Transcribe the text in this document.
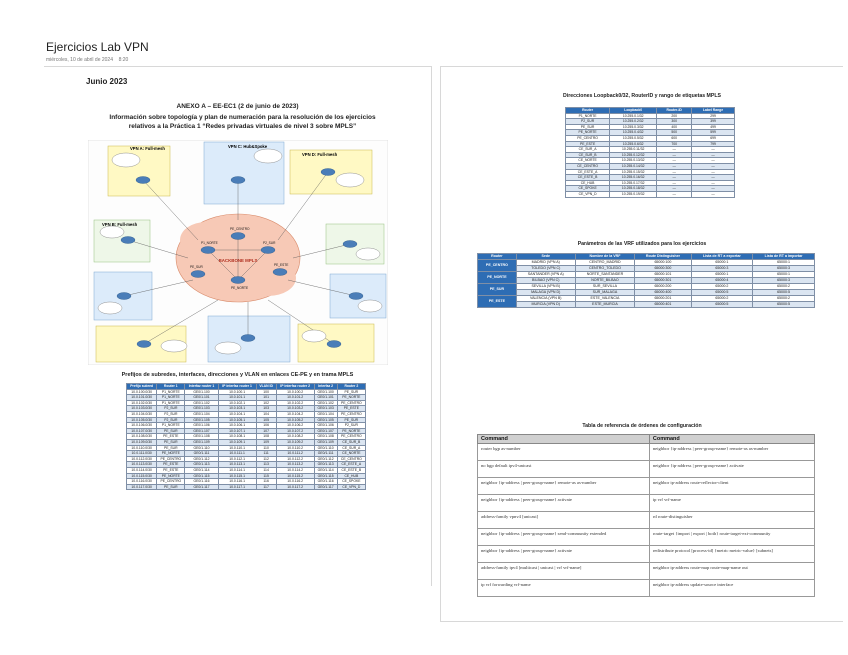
Ejercicios Lab VPN
miércoles, 10 de abril de 2024 8:20
Junio 2023
ANEXO A – EE-EC1 (2 de junio de 2023)
Información sobre topología y plan de numeración para la resolución de los ejercicios relativos a la Práctica 1 “Redes privadas virtuales de nivel 3 sobre MPLS”
VPN A: Full-mesh
VPN B: Full-mesh
VPN C: Hub&Spoke
VPN D: Full-mesh
BACKBONE MPLS
P1_NORTE	P2_SUR
PE_CENTRO
PE_ESTE
PE_SUR
PE_NORTE
Prefijos de subredes, interfaces, direcciones y VLAN en enlaces CE-PE y en trama MPLS
Prefijo subred	Router 1	Interfaz router 1	IP interfaz router 1	VLAN ID	IP interfaz router 2	Interfaz 2	Router 2
10.0.100.0/30	P1_NORTE	GE0/1.100	10.0.100.1	100	10.0.100.2	GE0/1.100	PE_SUR
10.0.101.0/30	P1_NORTE	GE0/1.101	10.0.101.1	101	10.0.101.2	GE0/1.101	PE_NORTE
10.0.102.0/30	P1_NORTE	GE0/1.102	10.0.102.1	102	10.0.102.2	GE0/1.102	PE_CENTRO
10.0.103.0/30	P2_SUR	GE0/1.103	10.0.103.1	103	10.0.103.2	GE0/1.103	PE_ESTE
10.0.104.0/30	P2_SUR	GE0/1.104	10.0.104.1	104	10.0.104.2	GE0/1.104	PE_CENTRO
10.0.105.0/30	P2_SUR	GE0/1.105	10.0.105.1	105	10.0.105.2	GE0/1.105	PE_SUR
10.0.106.0/30	P1_NORTE	GE0/1.106	10.0.106.1	106	10.0.106.2	GE0/1.106	P2_SUR
10.0.107.0/30	PE_SUR	GE0/1.107	10.0.107.1	107	10.0.107.2	GE0/1.107	PE_NORTE
10.0.108.0/30	PE_ESTE	GE0/1.108	10.0.108.1	108	10.0.108.2	GE0/1.108	PE_CENTRO
10.0.109.0/30	PE_SUR	GE0/1.109	10.0.109.1	109	10.0.109.2	GE0/1.109	CE_SUR_B
10.0.110.0/30	PE_SUR	GE0/1.110	10.0.110.1	110	10.0.110.2	GE0/1.110	CE_SUR_A
10.0.111.0/30	PE_NORTE	GE0/1.111	10.0.111.1	111	10.0.111.2	GE0/1.111	CE_NORTE
10.0.112.0/30	PE_CENTRO	GE0/1.112	10.0.112.1	112	10.0.112.2	GE0/1.112	CE_CENTRO
10.0.113.0/30	PE_ESTE	GE0/1.113	10.0.113.1	113	10.0.113.2	GE0/1.113	CE_ESTE_A
10.0.114.0/30	PE_ESTE	GE0/1.114	10.0.114.1	114	10.0.114.2	GE0/1.114	CE_ESTE_B
10.0.115.0/30	PE_NORTE	GE0/1.115	10.0.115.1	115	10.0.115.2	GE0/1.115	CE_HUB
10.0.116.0/30	PE_CENTRO	GE0/1.116	10.0.116.1	116	10.0.116.2	GE0/1.116	CE_SPOKE
10.0.117.0/30	PE_SUR	GE0/1.117	10.0.117.1	117	10.0.117.2	GE0/1.117	CE_VPN_D
Direcciones Loopback0/32, RouterID y rango de etiquetas MPLS
Router	Loopback0	Router-ID	Label Range
P1_NORTE	10.255.0.1/32	200	299
P2_SUR	10.255.0.2/32	300	399
PE_SUR	10.255.0.3/32	400	499
PE_NORTE	10.255.0.4/32	500	599
PE_CENTRO	10.255.0.5/32	600	699
PE_ESTE	10.255.0.6/32	700	799
CE_SUR_A	10.255.0.11/32	—	—
CE_SUR_B	10.255.0.12/32	—	—
CE_NORTE	10.255.0.13/32	—	—
CE_CENTRO	10.255.0.14/32	—	—
CE_ESTE_A	10.255.0.15/32	—	—
CE_ESTE_B	10.255.0.16/32	—	—
CE_HUB	10.255.0.17/32	—	—
CE_SPOKE	10.255.0.18/32	—	—
CE_VPN_D	10.255.0.19/32	—	—
Parámetros de las VRF utilizados para los ejercicios
Router	Sede	Nombre de la VRF	Route Distinguisher	Lista de RT a exportar	Lista de RT a importar
PE_CENTRO	MADRID (VPN A)	CENTRO_MADRID	65000:100	65000:1	65000:1
	TOLEDO (VPN C)	CENTRO_TOLEDO	65000:300	65000:3	65000:3
PE_NORTE	SANTANDER (VPN A)	NORTE_SANTANDER	65000:101	65000:1	65000:1
	BILBAO (VPN C)	NORTE_BILBAO	65000:301	65000:4	65000:3
PE_SUR	SEVILLA (VPN B)	SUR_SEVILLA	65000:200	65000:2	65000:2
	MALAGA (VPN D)	SUR_MALAGA	65000:400	65000:5	65000:5
PE_ESTE	VALENCIA (VPN B)	ESTE_VALENCIA	65000:201	65000:2	65000:2
	MURCIA (VPN D)	ESTE_MURCIA	65000:401	65000:5	65000:5
Tabla de referencia de órdenes de configuración
Command	Command
router bgp as-number	neighbor {ip-address | peer-group-name} remote-as as-number
no bgp default ipv4-unicast	neighbor {ip-address | peer-group-name} activate
neighbor {ip-address | peer-group-name} remote-as as-number	neighbor ip-address route-reflector-client
neighbor {ip-address | peer-group-name} activate	ip vrf vrf-name
address-family vpnv4 [unicast]	rd route-distinguisher
neighbor {ip-address | peer-group-name} send-community extended	route-target {import | export | both} route-target-ext-community
neighbor {ip-address | peer-group-name} activate	redistribute protocol [process-id] {metric metric-value} [subnets]
address-family ipv4 [multicast | unicast | vrf vrf-name]	neighbor ip-address route-map route-map-name out
ip vrf forwarding vrf-name	neighbor ip-address update-source interface
